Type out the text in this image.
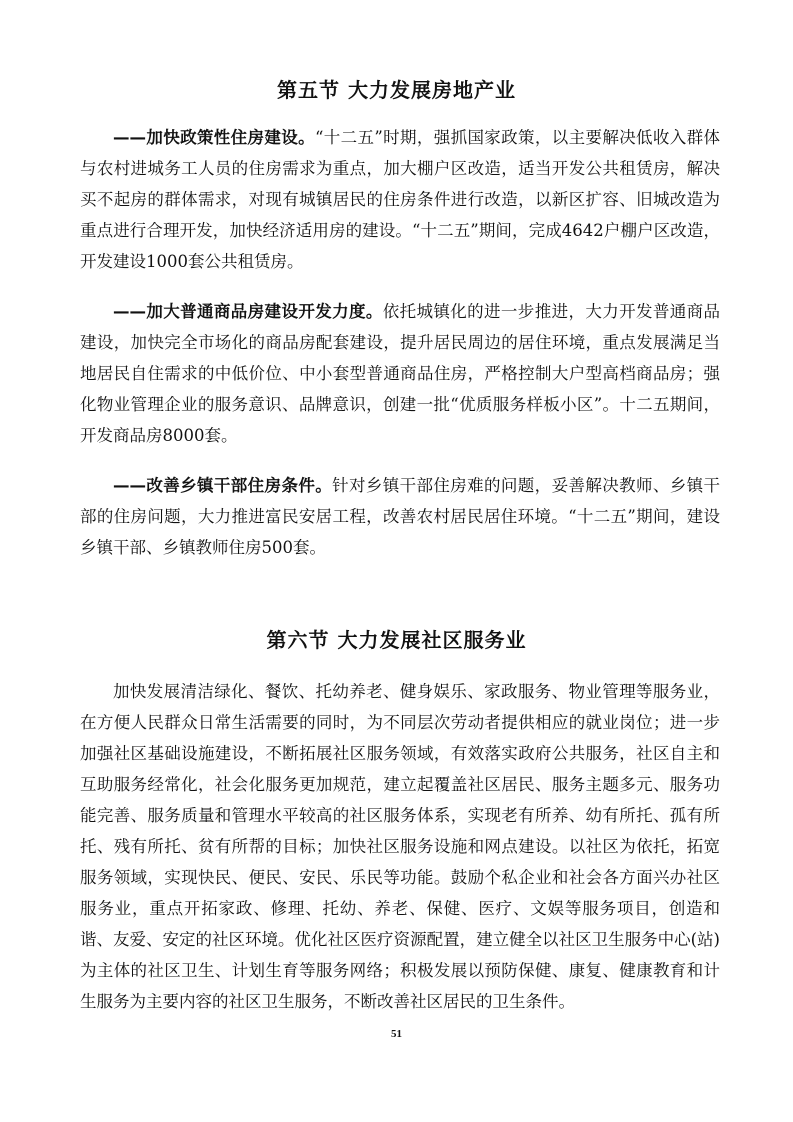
第五节 大力发展房地产业

——加快政策性住房建设。“十二五”时期，强抓国家政策，以主要解决低收入群体与农村进城务工人员的住房需求为重点，加大棚户区改造，适当开发公共租赁房，解决买不起房的群体需求，对现有城镇居民的住房条件进行改造，以新区扩容、旧城改造为重点进行合理开发，加快经济适用房的建设。“十二五”期间，完成4642户棚户区改造，开发建设1000套公共租赁房。

——加大普通商品房建设开发力度。依托城镇化的进一步推进，大力开发普通商品建设，加快完全市场化的商品房配套建设，提升居民周边的居住环境，重点发展满足当地居民自住需求的中低价位、中小套型普通商品住房，严格控制大户型高档商品房；强化物业管理企业的服务意识、品牌意识，创建一批“优质服务样板小区”。十二五期间，开发商品房8000套。

——改善乡镇干部住房条件。针对乡镇干部住房难的问题，妥善解决教师、乡镇干部的住房问题，大力推进富民安居工程，改善农村居民居住环境。“十二五”期间，建设乡镇干部、乡镇教师住房500套。

第六节 大力发展社区服务业

加快发展清洁绿化、餐饮、托幼养老、健身娱乐、家政服务、物业管理等服务业，在方便人民群众日常生活需要的同时，为不同层次劳动者提供相应的就业岗位；进一步加强社区基础设施建设，不断拓展社区服务领域，有效落实政府公共服务，社区自主和互助服务经常化，社会化服务更加规范，建立起覆盖社区居民、服务主题多元、服务功能完善、服务质量和管理水平较高的社区服务体系，实现老有所养、幼有所托、孤有所托、残有所托、贫有所帮的目标；加快社区服务设施和网点建设。以社区为依托，拓宽服务领域，实现快民、便民、安民、乐民等功能。鼓励个私企业和社会各方面兴办社区服务业，重点开拓家政、修理、托幼、养老、保健、医疗、文娱等服务项目，创造和谐、友爱、安定的社区环境。优化社区医疗资源配置，建立健全以社区卫生服务中心(站)为主体的社区卫生、计划生育等服务网络；积极发展以预防保健、康复、健康教育和计生服务为主要内容的社区卫生服务，不断改善社区居民的卫生条件。

51
